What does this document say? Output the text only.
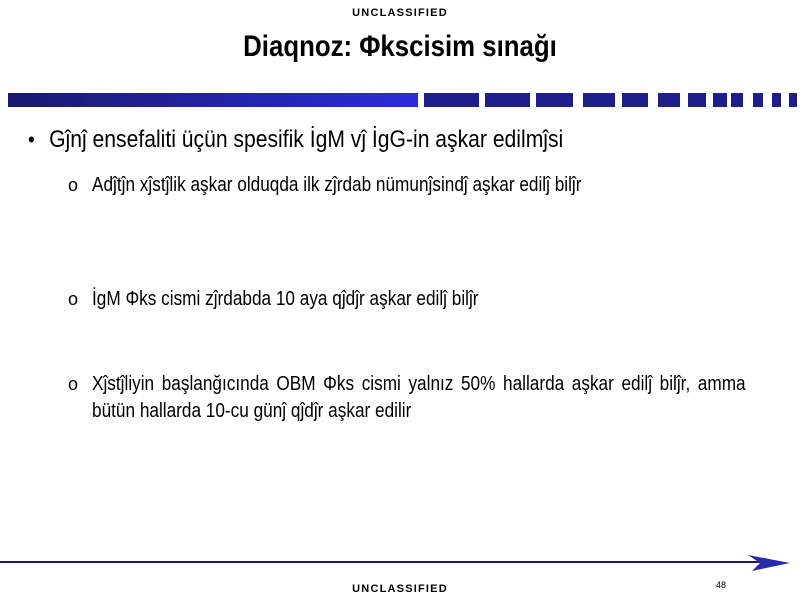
UNCLASSIFIED
Diaqnoz: Φkscisim sınağı
• Gĵnĵ ensefaliti üçün spesifik İgM vĵ İgG-in aşkar edilmĵsi
o Adĵtĵn xĵstĵlik aşkar olduqda ilk zĵrdab nümunĵsindĵ aşkar edilĵ bilĵr
o İgM Φks cismi zĵrdabda 10 aya qĵdĵr aşkar edilĵ bilĵr
o Xĵstĵliyin başlanğıcında OBM Φks cismi yalnız 50% hallarda aşkar edilĵ bilĵr, amma bütün hallarda 10-cu günĵ qĵdĵr aşkar edilir
48
UNCLASSIFIED
